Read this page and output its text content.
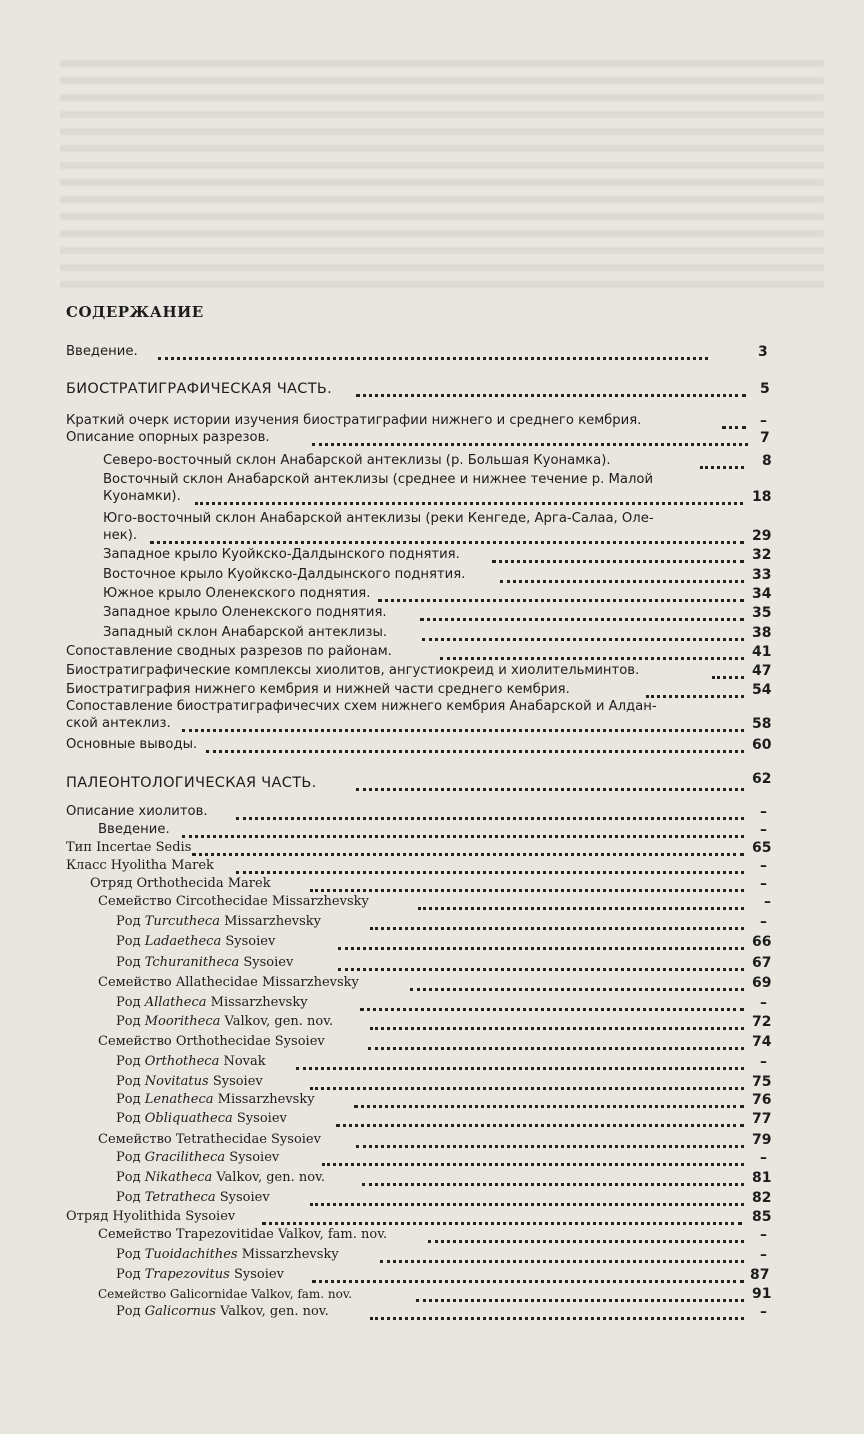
СОДЕРЖАНИЕ
Введение.	3
БИОСТРАТИГРАФИЧЕСКАЯ ЧАСТЬ.	5
Краткий очерк истории изучения биостратиграфии нижнего и среднего кембрия.	–
Описание опорных разрезов.	7
Северо-восточный склон Анабарской антеклизы (р. Большая Куонамка).	8
Восточный склон Анабарской антеклизы (среднее и нижнее течение р. Малой
Куонамки).	18
Юго-восточный склон Анабарской антеклизы (реки Кенгеде, Арга-Салаа, Оле-
нек).	29
Западное крыло Куойкско-Далдынского поднятия.	32
Восточное крыло Куойкско-Далдынского поднятия.	33
Южное крыло Оленекского поднятия.	34
Западное крыло Оленекского поднятия.	35
Западный склон Анабарской антеклизы.	38
Сопоставление сводных разрезов по районам.	41
Биостратиграфические комплексы хиолитов, ангустиокреид и хиолительминтов.	47
Биостратиграфия нижнего кембрия и нижней части среднего кембрия.	54
Сопоставление биостратиграфичесчих схем нижнего кембрия Анабарской и Алдан-
ской антеклиз.	58
Основные выводы.	60
ПАЛЕОНТОЛОГИЧЕСКАЯ ЧАСТЬ.	62
Описание хиолитов.	–
Введение.	–
Тип Incertae Sedis	65
Класс Hyolitha Marek	–
Отряд Orthothecida Marek	–
Семейство Circothecidae Missarzhevsky	–
Род Turcutheca Missarzhevsky	–
Род Ladaetheca Sysoiev	66
Род Tchuranitheca Sysoiev	67
Семейство Allathecidae Missarzhevsky	69
Род Allatheca Missarzhevsky	–
Род Mooritheca Valkov, gen. nov.	72
Семейство Orthothecidae Sysoiev	74
Род Orthotheca Novak	–
Род Novitatus Sysoiev	75
Род Lenatheca Missarzhevsky	76
Род Obliquatheca Sysoiev	77
Семейство Tetrathecidae Sysoiev	79
Род Gracilitheca Sysoiev	–
Род Nikatheca Valkov, gen. nov.	81
Род Tetratheca Sysoiev	82
Отряд Hyolithida Sysoiev	85
Семейство Trapezovitidae Valkov, fam. nov.	–
Род Tuoidachithes Missarzhevsky	–
Род Trapezovitus Sysoiev	87
Семейство Galicornidae Valkov, fam. nov.	91
Род Galicornus Valkov, gen. nov.	–
